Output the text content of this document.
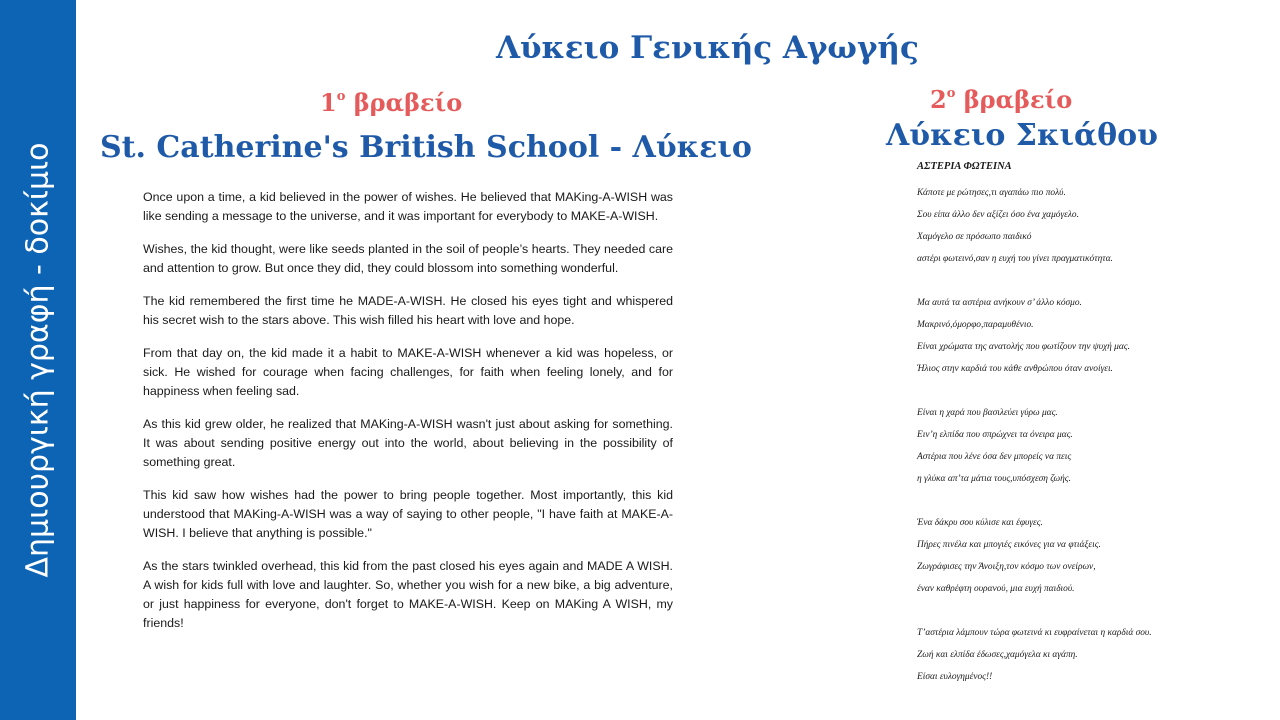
Δημιουργική γραφή - δοκίμιο
Λύκειο Γενικής Αγωγής
$1^o$ βραβείο
St. Catherine's British School - Λύκειο

Once upon a time, a kid believed in the power of wishes. He believed that MAKing-A-WISH was like sending a message to the universe, and it was important for everybody to MAKE-A-WISH.

Wishes, the kid thought, were like seeds planted in the soil of people’s hearts. They needed care and attention to grow. But once they did, they could blossom into something wonderful.

The kid remembered the first time he MADE-A-WISH. He closed his eyes tight and whispered his secret wish to the stars above. This wish filled his heart with love and hope.

From that day on, the kid made it a habit to MAKE-A-WISH whenever a kid was hopeless, or sick. He wished for courage when facing challenges, for faith when feeling lonely, and for happiness when feeling sad.

As this kid grew older, he realized that MAKing-A-WISH wasn't just about asking for something. It was about sending positive energy out into the world, about believing in the possibility of something great.

This kid saw how wishes had the power to bring people together. Most importantly, this kid understood that MAKing-A-WISH was a way of saying to other people, "I have faith at MAKE-A-WISH. I believe that anything is possible."

As the stars twinkled overhead, this kid from the past closed his eyes again and MADE A WISH. A wish for kids full with love and laughter. So, whether you wish for a new bike, a big adventure, or just happiness for everyone, don't forget to MAKE-A-WISH. Keep on MAKing A WISH, my friends!

$2^o$ βραβείο
Λύκειο Σκιάθου
ΑΣΤΕΡΙΑ ΦΩΤΕΙΝΑ
Κάποτε με ρώτησες,τι αγαπάω πιο πολύ.
Σου είπα άλλο δεν αξίζει όσο ένα χαμόγελο.
Χαμόγελο σε πρόσωπο παιδικό
αστέρι φωτεινό,σαν η ευχή του γίνει πραγματικότητα.
Μα αυτά τα αστέρια ανήκουν σ’ άλλο κόσμο.
Μακρινό,όμορφο,παραμυθένιο.
Είναι χρώματα της ανατολής που φωτίζουν την ψυχή μας.
Ήλιος στην καρδιά του κάθε ανθρώπου όταν ανοίγει.
Είναι η χαρά που βασιλεύει γύρω μας.
Ειν’η ελπίδα που σπρώχνει τα όνειρα μας.
Αστέρια που λένε όσα δεν μπορείς να πεις
η γλύκα απ’τα μάτια τους,υπόσχεση ζωής.
Ένα δάκρυ σου κύλισε και έφυγες.
Πήρες πινέλα και μπογιές εικόνες για να φτιάξεις.
Ζωγράφισες την Άνοιξη,τον κόσμο των ονείρων,
έναν καθρέφτη ουρανού, μια ευχή παιδιού.
Τ’αστέρια λάμπουν τώρα φωτεινά κι ευφραίνεται η καρδιά σου.
Ζωή και ελπίδα έδωσες,χαμόγελα κι αγάπη.
Είσαι ευλογημένος!!
